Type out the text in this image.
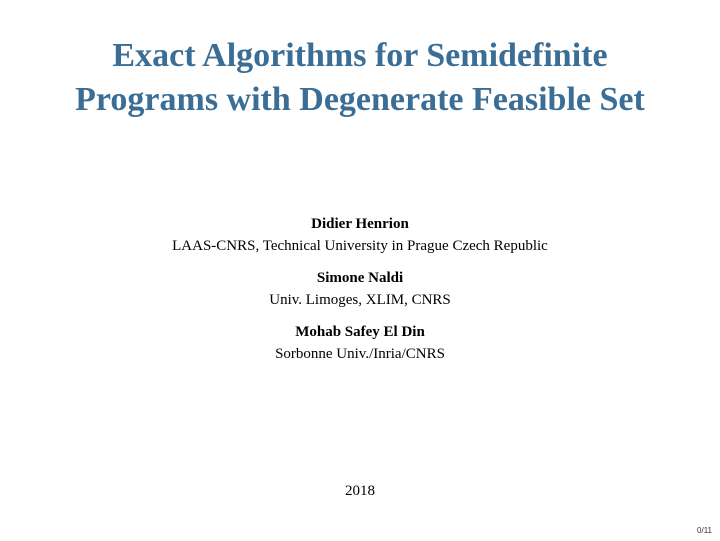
Exact Algorithms for Semidefinite
Programs with Degenerate Feasible Set
Didier Henrion
LAAS-CNRS, Technical University in Prague Czech Republic
Simone Naldi
Univ. Limoges, XLIM, CNRS
Mohab Safey El Din
Sorbonne Univ./Inria/CNRS
2018
0/11
